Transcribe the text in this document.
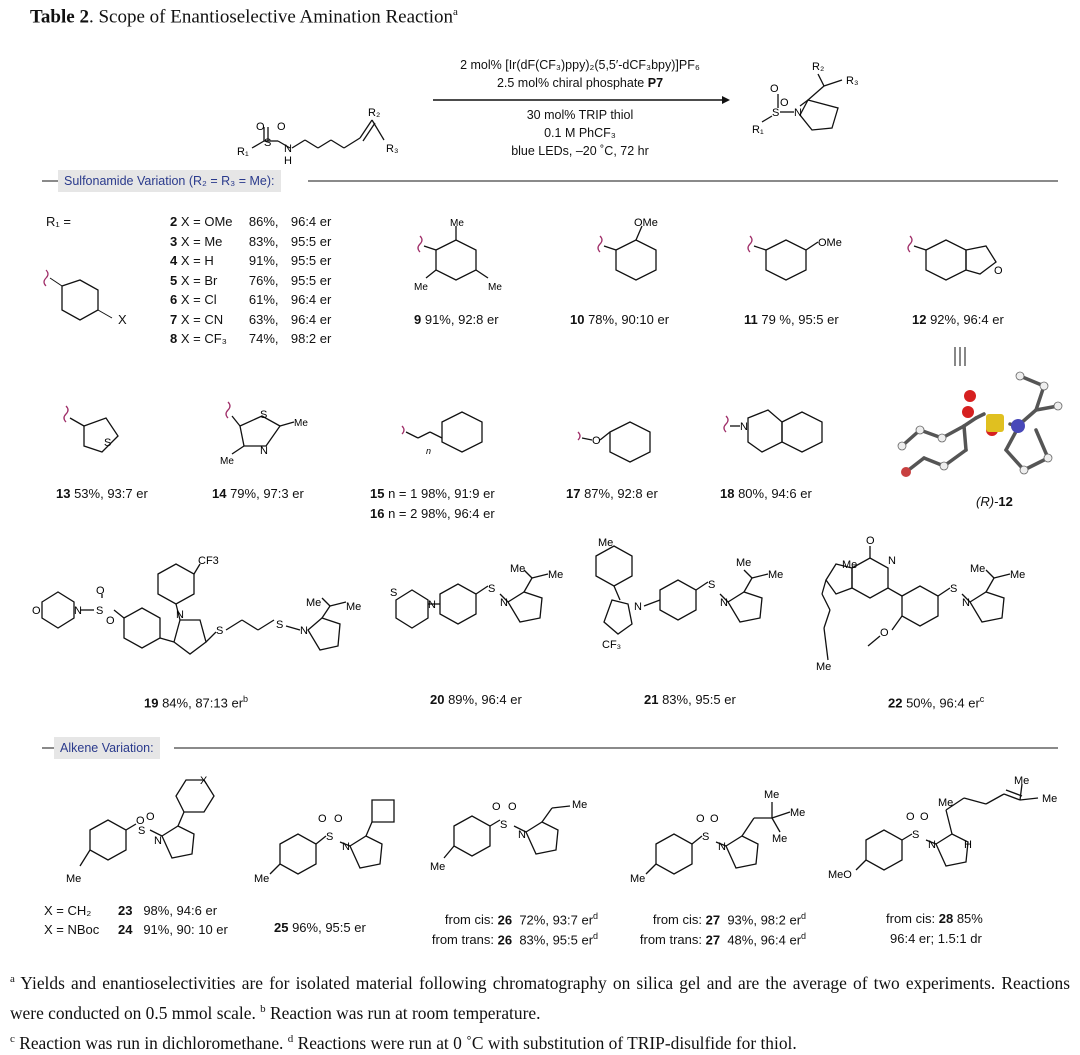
Table 2. Scope of Enantioselective Amination Reaction$^a$
O O
S
R₁	N
H
R₂
R₃
O
O
S
R₁
N
R₂
R₃
2 mol% [Ir(dF(CF₃)ppy)₂(5,5′-dCF₃bpy)]PF₆
2.5 mol% chiral phosphate P7
30 mol% TRIP thiol
0.1 M PhCF₃
blue LEDs, –20 ˚C, 72 hr
Sulfonamide Variation (R₂ = R₃ = Me):
R₁ =
X
2 X = OMe 86%, 96:4 er
3 X = Me 83%, 95:5 er
4 X = H	91%, 95:5 er
5 X = Br 76%, 95:5 er
6 X = Cl 61%, 96:4 er
7 X = CN 63%, 96:4 er
8 X = CF₃ 74%, 98:2 er
Me
Me	Me
OMe
OMe
O
9 91%, 92:8 er	10 78%, 90:10 er	11 79 %, 95:5 er	12 92%, 96:4 er
(R)-12
S
S
Me
N
Me
n
O
N
13 53%, 93:7 er	14 79%, 97:3 er	15 n = 1 98%, 91:9 er
16 n = 2 98%, 96:4 er
17 87%, 92:8 er	18 80%, 94:6 er
O	N S
O
O
CF3
N
S	S N
Me Me
S
N
S
N
Me Me
Me
N
CF₃
S
N
Me
Me
O
Me	N
Me
O
S
N
Me Me
19 84%, 87:13 $er^b$	20 89%, 96:4 er	21 83%, 95:5 er	22 50%, 96:4 $er^c$
Alkene Variation:
X
O O
S
N
Me
O O
S
N
Me
O O
S
N
Me
Me
O O
S
N
Me
Me
Me
Me
O O
S
N	H
Me
Me
Me
MeO
X = CH₂ 23 98%, 94:6 er
X = NBoc 24 91%, 90: 10 er	25 96%, 95:5 er
from cis: 26 72%, 93:7 $er^d$
from trans: 26 83%, 95:5 $er^d$
from cis: 27 93%, 98:2 $er^d$
from trans: 27 48%, 96:4 $er^d$
from cis: 28 85%
96:4 er; 1.5:1 dr
$^a$ Yields and enantioselectivities are for isolated material following chromatography on silica gel and are the average of two experiments. Reactions were conducted on 0.5 mmol scale. $^b$ Reaction was run at room temperature.
$^c$ Reaction was run in dichloromethane. $^d$ Reactions were run at 0 ˚C with substitution of TRIP-disulfide for thiol.
